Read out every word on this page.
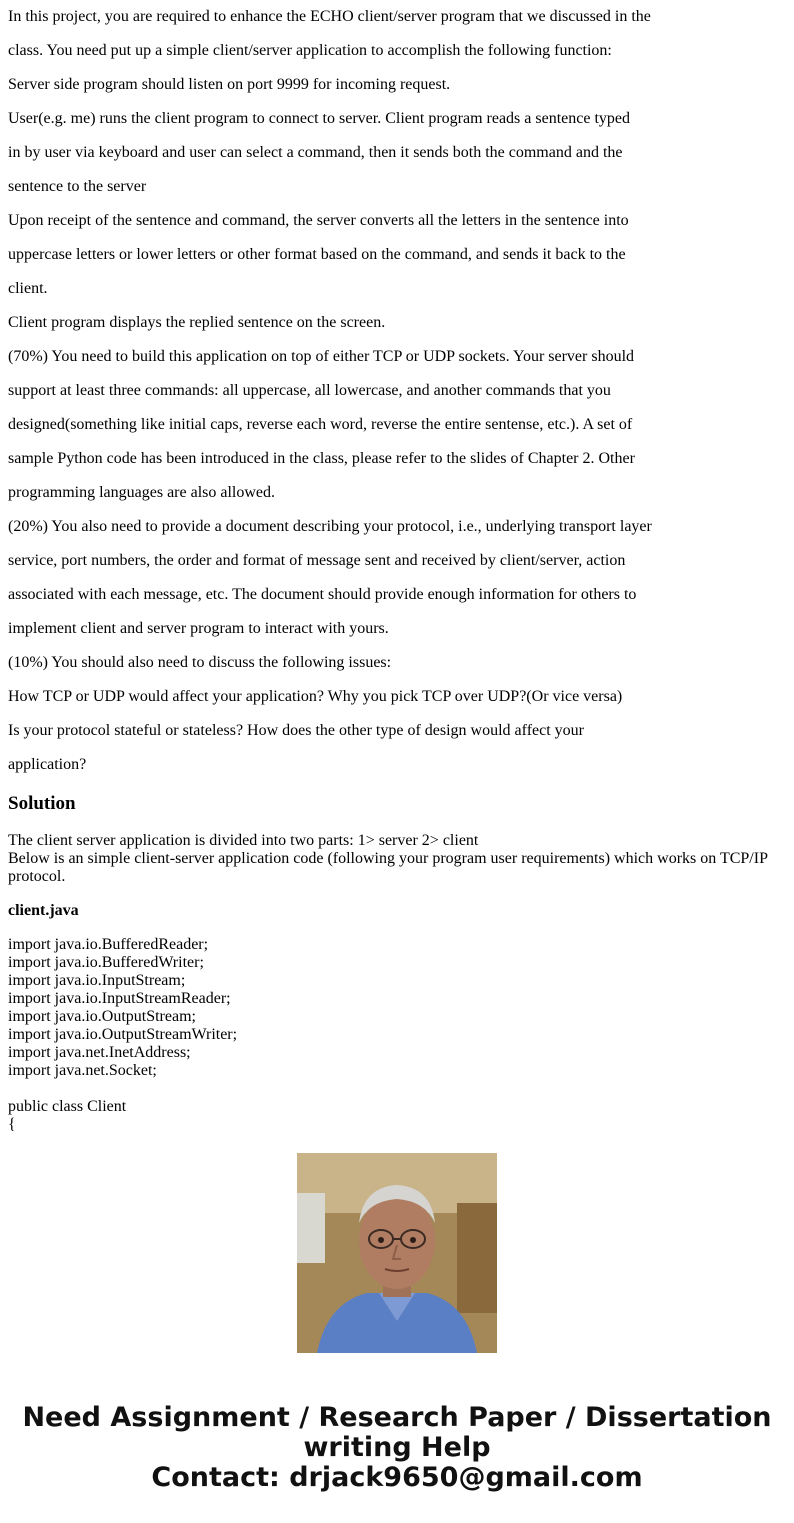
In this project, you are required to enhance the ECHO client/server program that we discussed in the

class. You need put up a simple client/server application to accomplish the following function:

Server side program should listen on port 9999 for incoming request.

User(e.g. me) runs the client program to connect to server. Client program reads a sentence typed

in by user via keyboard and user can select a command, then it sends both the command and the

sentence to the server

Upon receipt of the sentence and command, the server converts all the letters in the sentence into

uppercase letters or lower letters or other format based on the command, and sends it back to the

client.

Client program displays the replied sentence on the screen.

(70%) You need to build this application on top of either TCP or UDP sockets. Your server should

support at least three commands: all uppercase, all lowercase, and another commands that you

designed(something like initial caps, reverse each word, reverse the entire sentense, etc.). A set of

sample Python code has been introduced in the class, please refer to the slides of Chapter 2. Other

programming languages are also allowed.

(20%) You also need to provide a document describing your protocol, i.e., underlying transport layer

service, port numbers, the order and format of message sent and received by client/server, action

associated with each message, etc. The document should provide enough information for others to

implement client and server program to interact with yours.

(10%) You should also need to discuss the following issues:

How TCP or UDP would affect your application? Why you pick TCP over UDP?(Or vice versa)

Is your protocol stateful or stateless? How does the other type of design would affect your

application?

Solution

The client server application is divided into two parts: 1> server 2> client

Below is an simple client-server application code (following your program user requirements) which works on TCP/IP protocol.

client.java

import java.io.BufferedReader;
import java.io.BufferedWriter;
import java.io.InputStream;
import java.io.InputStreamReader;
import java.io.OutputStream;
import java.io.OutputStreamWriter;
import java.net.InetAddress;
import java.net.Socket;

public class Client
{
Need Assignment / Research Paper / Dissertation
writing Help
Contact: drjack9650@gmail.com
